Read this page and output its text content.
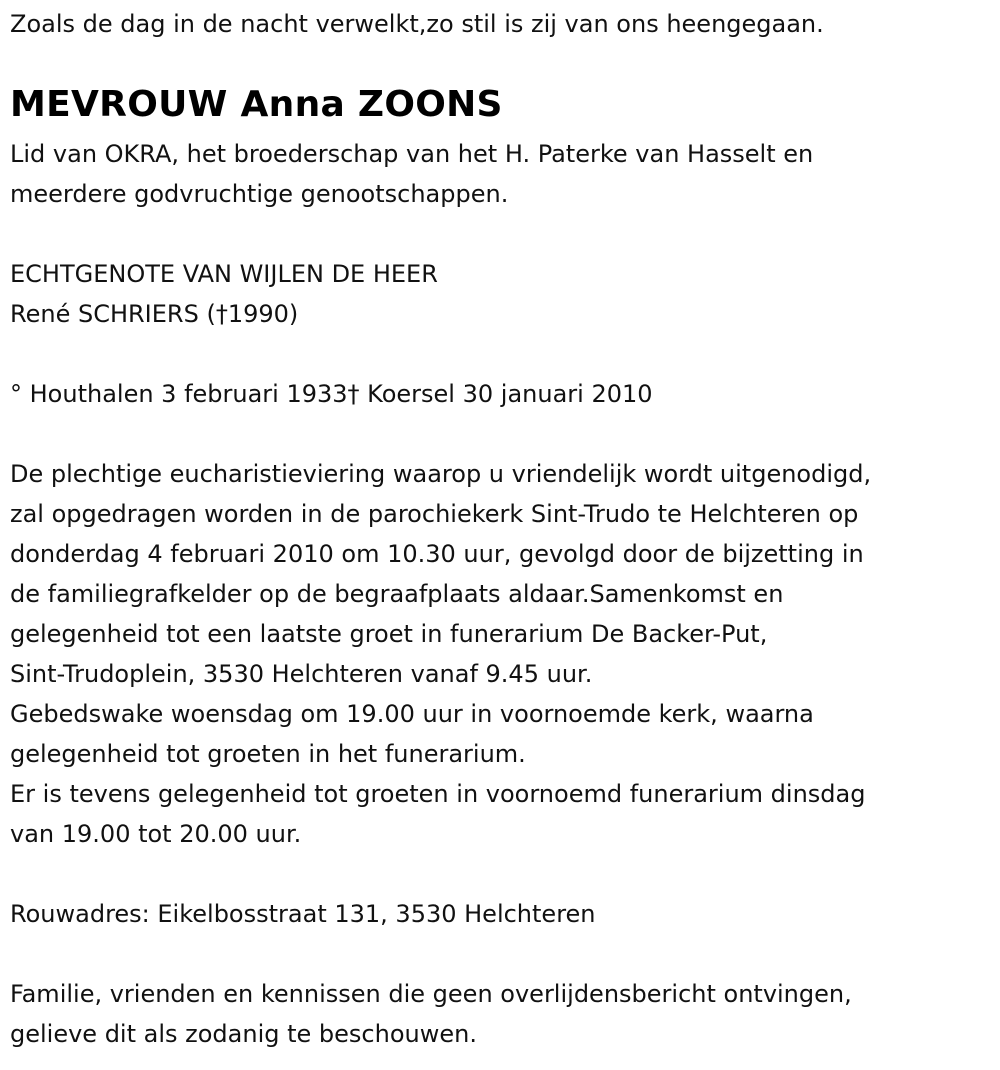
Zoals de dag in de nacht verwelkt,zo stil is zij van ons heengegaan.

MEVROUW Anna ZOONS
Lid van OKRA, het broederschap van het H. Paterke van Hasselt en
meerdere godvruchtige genootschappen.
ECHTGENOTE VAN WIJLEN DE HEER
René SCHRIERS (†1990)
° Houthalen 3 februari 1933† Koersel 30 januari 2010
De plechtige eucharistieviering waarop u vriendelijk wordt uitgenodigd,
zal opgedragen worden in de parochiekerk Sint-Trudo te Helchteren op
donderdag 4 februari 2010 om 10.30 uur, gevolgd door de bijzetting in
de familiegrafkelder op de begraafplaats aldaar.Samenkomst en
gelegenheid tot een laatste groet in funerarium De Backer-Put,
Sint-Trudoplein, 3530 Helchteren vanaf 9.45 uur.
Gebedswake woensdag om 19.00 uur in voornoemde kerk, waarna
gelegenheid tot groeten in het funerarium.
Er is tevens gelegenheid tot groeten in voornoemd funerarium dinsdag
van 19.00 tot 20.00 uur.
Rouwadres: Eikelbosstraat 131, 3530 Helchteren
Familie, vrienden en kennissen die geen overlijdensbericht ontvingen,
gelieve dit als zodanig te beschouwen.
